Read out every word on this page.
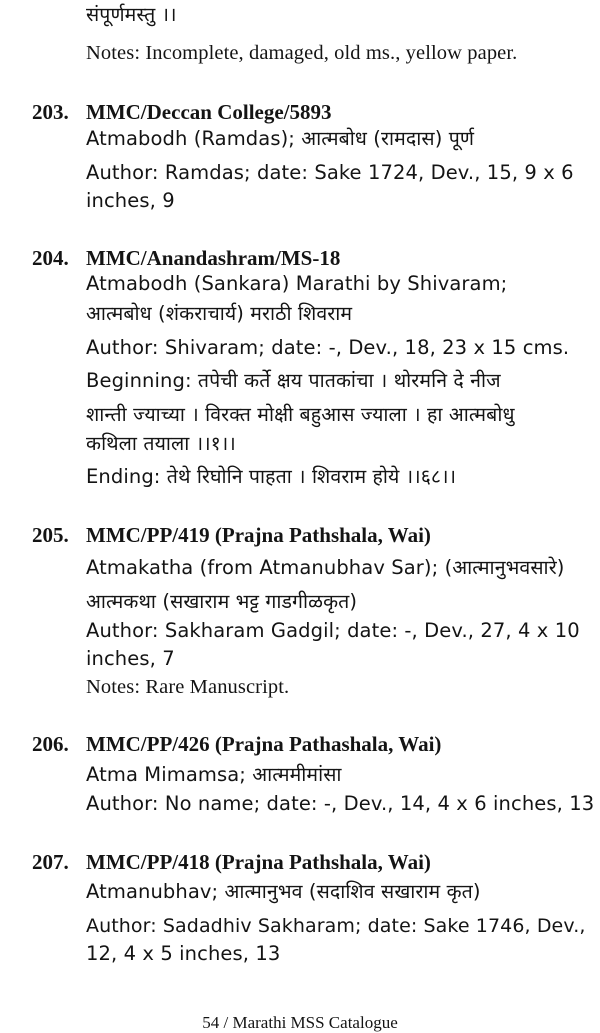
संपूर्णमस्तु ।।
Notes: Incomplete, damaged, old ms., yellow paper.
203. MMC/Deccan College/5893
Atmabodh (Ramdas); आत्मबोध (रामदास) पूर्ण
Author: Ramdas; date: Sake 1724, Dev., 15, 9 x 6
inches, 9
204. MMC/Anandashram/MS-18
Atmabodh (Sankara) Marathi by Shivaram;
आत्मबोध (शंकराचार्य) मराठी शिवराम
Author: Shivaram; date: -, Dev., 18, 23 x 15 cms.
Beginning: तपेची कर्ते क्षय पातकांचा । थोरमनि दे नीज
शान्ती ज्याच्या । विरक्त मोक्षी बहुआस ज्याला । हा आत्मबोधु
कथिला तयाला ।।१।।
Ending: तेथे रिघोनि पाहता । शिवराम होये ।।६८।।
205. MMC/PP/419 (Prajna Pathshala, Wai)
Atmakatha (from Atmanubhav Sar); (आत्मानुभवसारे)
आत्मकथा (सखाराम भट्ट गाडगीळकृत)
Author: Sakharam Gadgil; date: -, Dev., 27, 4 x 10
inches, 7
Notes: Rare Manuscript.
206. MMC/PP/426 (Prajna Pathashala, Wai)
Atma Mimamsa; आत्ममीमांसा
Author: No name; date: -, Dev., 14, 4 x 6 inches, 13
207. MMC/PP/418 (Prajna Pathshala, Wai)
Atmanubhav; आत्मानुभव (सदाशिव सखाराम कृत)
Author: Sadadhiv Sakharam; date: Sake 1746, Dev.,
12, 4 x 5 inches, 13
54 / Marathi MSS Catalogue
